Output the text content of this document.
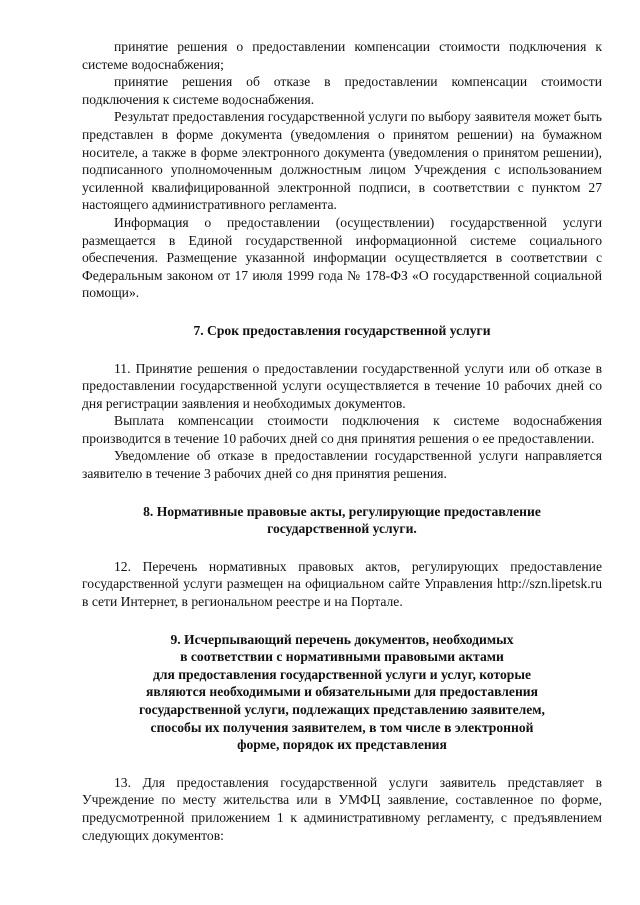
принятие решения о предоставлении компенсации стоимости подключения к системе водоснабжения;

принятие решения об отказе в предоставлении компенсации стоимости подключения к системе водоснабжения.

Результат предоставления государственной услуги по выбору заявителя может быть представлен в форме документа (уведомления о принятом решении) на бумажном носителе, а также в форме электронного документа (уведомления о принятом решении), подписанного уполномоченным должностным лицом Учреждения с использованием усиленной квалифицированной электронной подписи, в соответствии с пунктом 27 настоящего административного регламента.

Информация о предоставлении (осуществлении) государственной услуги размещается в Единой государственной информационной системе социального обеспечения. Размещение указанной информации осуществляется в соответствии с Федеральным законом от 17 июля 1999 года № 178-ФЗ «О государственной социальной помощи».

7. Срок предоставления государственной услуги

11. Принятие решения о предоставлении государственной услуги или об отказе в предоставлении государственной услуги осуществляется в течение 10 рабочих дней со дня регистрации заявления и необходимых документов.

Выплата компенсации стоимости подключения к системе водоснабжения производится в течение 10 рабочих дней со дня принятия решения о ее предоставлении.

Уведомление об отказе в предоставлении государственной услуги направляется заявителю в течение 3 рабочих дней со дня принятия решения.

8. Нормативные правовые акты, регулирующие предоставление

государственной услуги.

12. Перечень нормативных правовых актов, регулирующих предоставление государственной услуги размещен на официальном сайте Управления http://szn.lipetsk.ru в сети Интернет, в региональном реестре и на Портале.

9. Исчерпывающий перечень документов, необходимых

в соответствии с нормативными правовыми актами

для предоставления государственной услуги и услуг, которые

являются необходимыми и обязательными для предоставления

государственной услуги, подлежащих представлению заявителем,

способы их получения заявителем, в том числе в электронной

форме, порядок их представления

13. Для предоставления государственной услуги заявитель представляет в Учреждение по месту жительства или в УМФЦ заявление, составленное по форме, предусмотренной приложением 1 к административному регламенту, с предъявлением следующих документов:
